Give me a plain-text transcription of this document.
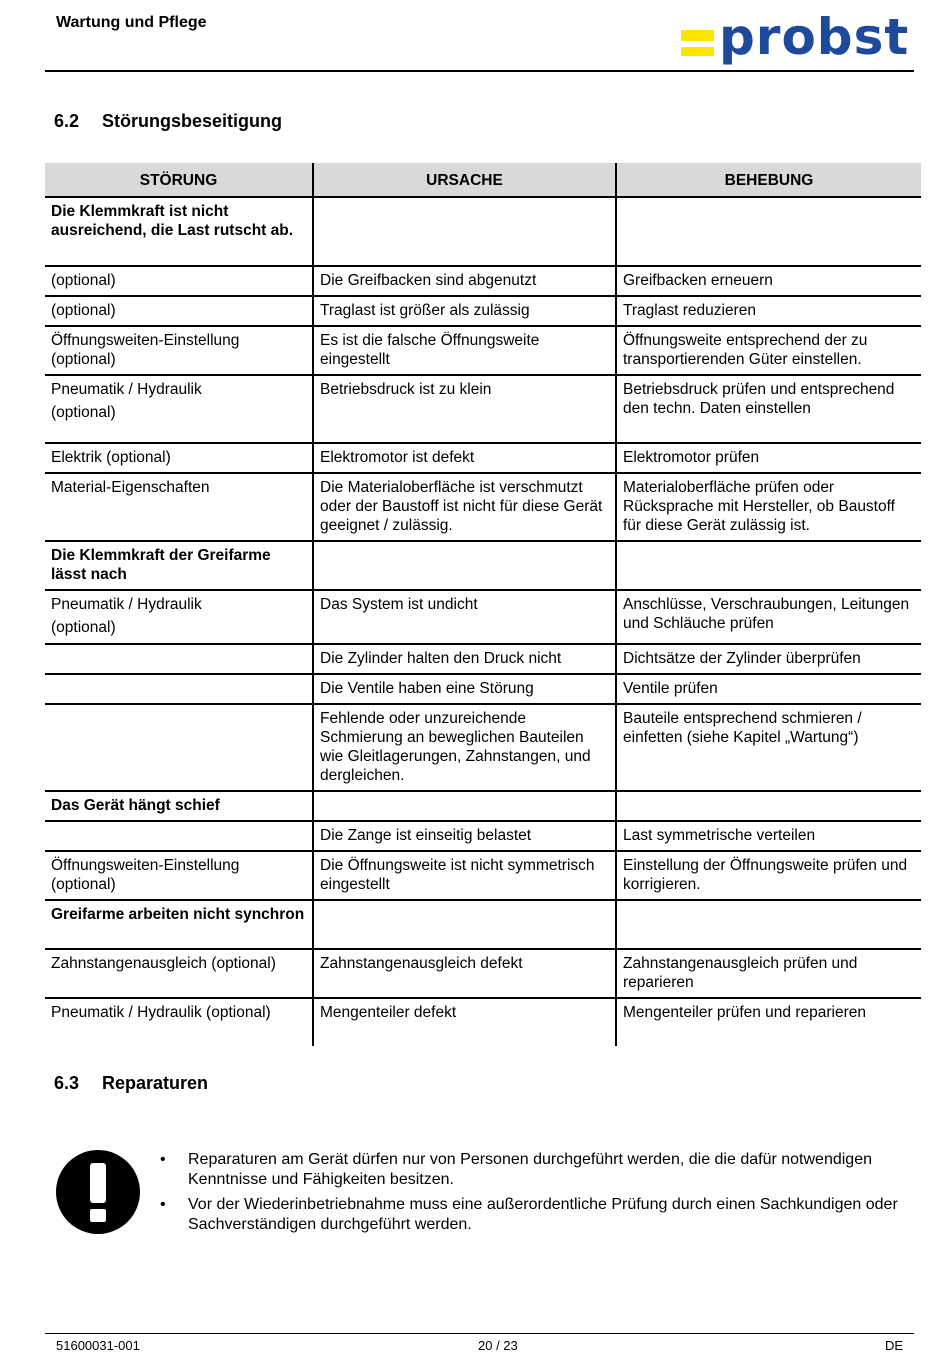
Wartung und Pflege	probst
6.2 Störungsbeseitigung
STÖRUNG	URSACHE	BEHEBUNG
Die Klemmkraft ist nicht ausreichend, die Last rutscht ab.		
(optional)	Die Greifbacken sind abgenutzt	Greifbacken erneuern
(optional)	Traglast ist größer als zulässig	Traglast reduzieren
Öffnungsweiten-Einstellung (optional)	Es ist die falsche Öffnungsweite eingestellt	Öffnungsweite entsprechend der zu transportierenden Güter einstellen.
Pneumatik / Hydraulik
(optional)	Betriebsdruck ist zu klein	Betriebsdruck prüfen und entsprechend den techn. Daten einstellen
Elektrik (optional)	Elektromotor ist defekt	Elektromotor prüfen
Material-Eigenschaften	Die Materialoberfläche ist verschmutzt oder der Baustoff ist nicht für diese Gerät geeignet / zulässig.	Materialoberfläche prüfen oder Rücksprache mit Hersteller, ob Baustoff für diese Gerät zulässig ist.
Die Klemmkraft der Greifarme lässt nach		
Pneumatik / Hydraulik
(optional)	Das System ist undicht	Anschlüsse, Verschraubungen, Leitungen und Schläuche prüfen
	Die Zylinder halten den Druck nicht	Dichtsätze der Zylinder überprüfen
	Die Ventile haben eine Störung	Ventile prüfen
	Fehlende oder unzureichende Schmierung an beweglichen Bauteilen wie Gleitlagerungen, Zahnstangen, und dergleichen.	Bauteile entsprechend schmieren / einfetten (siehe Kapitel „Wartung“)
Das Gerät hängt schief		
	Die Zange ist einseitig belastet	Last symmetrische verteilen
Öffnungsweiten-Einstellung (optional)	Die Öffnungsweite ist nicht symmetrisch eingestellt	Einstellung der Öffnungsweite prüfen und korrigieren.
Greifarme arbeiten nicht synchron		
Zahnstangenausgleich (optional)	Zahnstangenausgleich defekt	Zahnstangenausgleich prüfen und reparieren
Pneumatik / Hydraulik (optional)	Mengenteiler defekt	Mengenteiler prüfen und reparieren
6.3 Reparaturen
• Reparaturen am Gerät dürfen nur von Personen durchgeführt werden, die die dafür notwendigen Kenntnisse und Fähigkeiten besitzen.
• Vor der Wiederinbetriebnahme muss eine außerordentliche Prüfung durch einen Sachkundigen oder Sachverständigen durchgeführt werden.
51600031-001	20 / 23	DE
